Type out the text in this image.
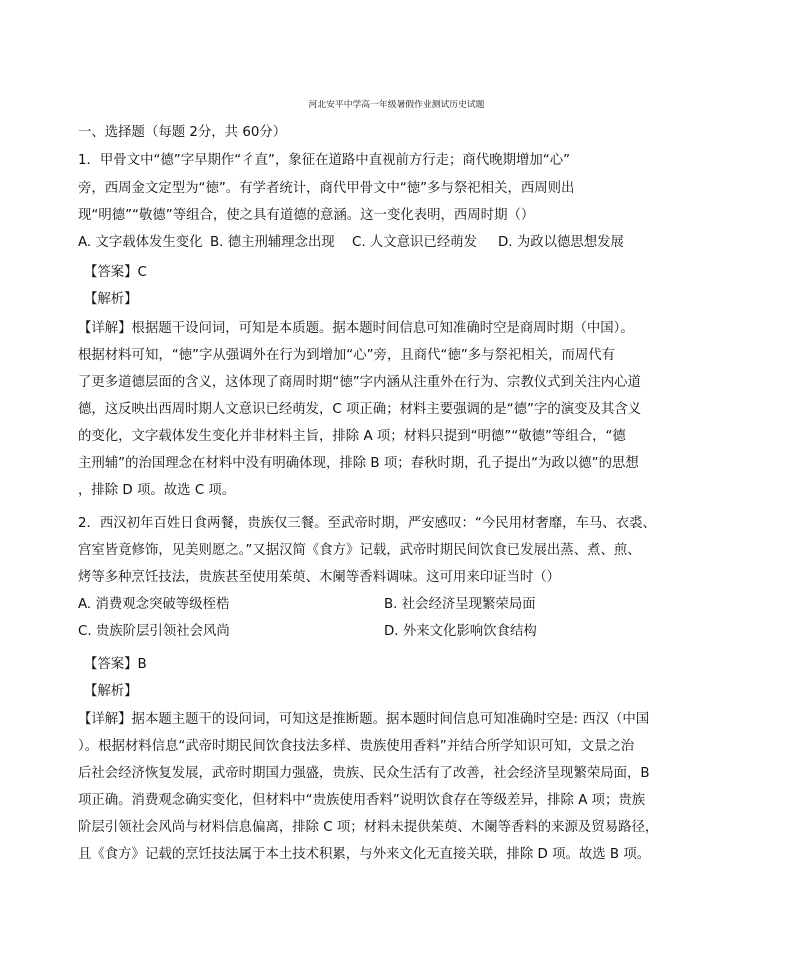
河北安平中学高一年级暑假作业测试历史试题
一、选择题（每题 2分，共 60分）
1．甲骨文中“德”字早期作“彳直”，象征在道路中直视前方行走；商代晚期增加“心”
旁，西周金文定型为“徳”。有学者统计，商代甲骨文中“徳”多与祭祀相关，西周则出
现“明德”“敬德”等组合，使之具有道德的意涵。这一变化表明，西周时期（）
A. 文字载体发生变化 B. 德主刑辅理念出现 C. 人文意识已经萌发 D. 为政以德思想发展
【答案】C
【解析】
【详解】根据题干设问词，可知是本质题。据本题时间信息可知准确时空是商周时期（中国）。
根据材料可知，“徳”字从强调外在行为到增加“心”旁，且商代“徳”多与祭祀相关，而周代有
了更多道德层面的含义，这体现了商周时期“徳”字内涵从注重外在行为、宗教仪式到关注内心道
德，这反映出西周时期人文意识已经萌发，C 项正确；材料主要强调的是“德”字的演变及其含义
的变化，文字载体发生变化并非材料主旨，排除 A 项；材料只提到“明德”“敬德”等组合，“德
主刑辅”的治国理念在材料中没有明确体现，排除 B 项；春秋时期，孔子提出“为政以德”的思想
，排除 D 项。故选 C 项。
2．西汉初年百姓日食两餐，贵族仅三餐。至武帝时期，严安感叹：“今民用材奢靡，车马、衣裘、
宫室皆竟修饰，见美则愿之。”又据汉简《食方》记载，武帝时期民间饮食已发展出蒸、煮、煎、
烤等多种烹饪技法，贵族甚至使用茱萸、木阑等香料调味。这可用来印证当时（）
A. 消费观念突破等级桎梏	B. 社会经济呈现繁荣局面
C. 贵族阶层引领社会风尚	D. 外来文化影响饮食结构
【答案】B
【解析】
【详解】据本题主题干的设问词，可知这是推断题。据本题时间信息可知准确时空是: 西汉（中国
）。根据材料信息“武帝时期民间饮食技法多样、贵族使用香料”并结合所学知识可知，文景之治
后社会经济恢复发展，武帝时期国力强盛，贵族、民众生活有了改善，社会经济呈现繁荣局面，B
项正确。消费观念确实变化，但材料中“贵族使用香料”说明饮食存在等级差异，排除 A 项；贵族
阶层引领社会风尚与材料信息偏离，排除 C 项；材料未提供茱萸、木阑等香料的来源及贸易路径，
且《食方》记载的烹饪技法属于本土技术积累，与外来文化无直接关联，排除 D 项。故选 B 项。
